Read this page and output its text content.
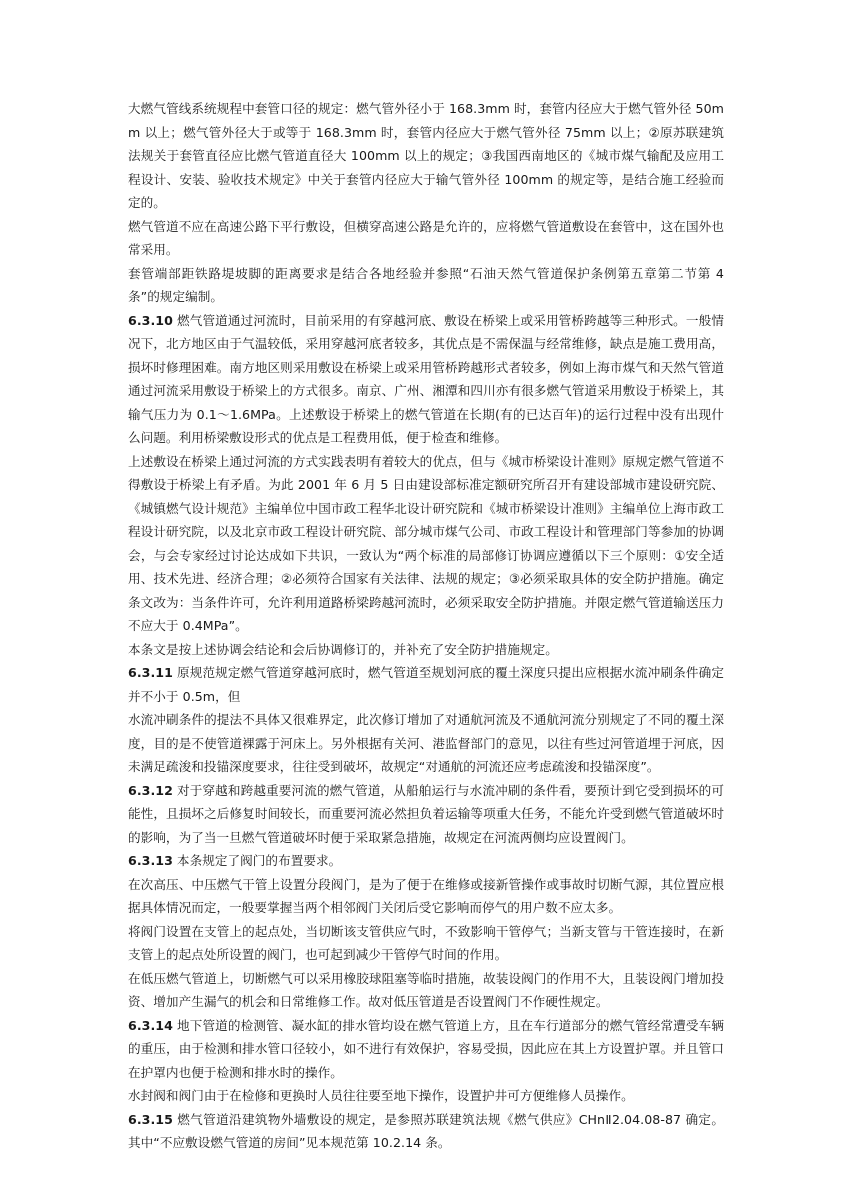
大燃气管线系统规程中套管口径的规定：燃气管外径小于 168.3mm 时，套管内径应大于燃气管外径 50mm 以上；燃气管外径大于或等于 168.3mm 时，套管内径应大于燃气管外径 75mm 以上；②原苏联建筑法规关于套管直径应比燃气管道直径大 100mm 以上的规定；③我国西南地区的《城市煤气输配及应用工程设计、安装、验收技术规定》中关于套管内径应大于输气管外径 100mm 的规定等，是结合施工经验而定的。

燃气管道不应在高速公路下平行敷设，但横穿高速公路是允许的，应将燃气管道敷设在套管中，这在国外也常采用。

套管端部距铁路堤坡脚的距离要求是结合各地经验并参照“石油天然气管道保护条例第五章第二节第 4 条”的规定编制。

6.3.10 燃气管道通过河流时，目前采用的有穿越河底、敷设在桥梁上或采用管桥跨越等三种形式。一般情况下，北方地区由于气温较低，采用穿越河底者较多，其优点是不需保温与经常维修，缺点是施工费用高，损坏时修理困难。南方地区则采用敷设在桥梁上或采用管桥跨越形式者较多，例如上海市煤气和天然气管道通过河流采用敷设于桥梁上的方式很多。南京、广州、湘潭和四川亦有很多燃气管道采用敷设于桥梁上，其输气压力为 0.1～1.6MPa。上述敷设于桥梁上的燃气管道在长期(有的已达百年)的运行过程中没有出现什么问题。利用桥梁敷设形式的优点是工程费用低，便于检查和维修。

上述敷设在桥梁上通过河流的方式实践表明有着较大的优点，但与《城市桥梁设计准则》原规定燃气管道不得敷设于桥梁上有矛盾。为此 2001 年 6 月 5 日由建设部标准定额研究所召开有建设部城市建设研究院、《城镇燃气设计规范》主编单位中国市政工程华北设计研究院和《城市桥梁设计准则》主编单位上海市政工程设计研究院，以及北京市政工程设计研究院、部分城市煤气公司、市政工程设计和管理部门等参加的协调会，与会专家经过讨论达成如下共识，一致认为“两个标准的局部修订协调应遵循以下三个原则：①安全适用、技术先进、经济合理；②必须符合国家有关法律、法规的规定；③必须采取具体的安全防护措施。确定条文改为：当条件许可，允许利用道路桥梁跨越河流时，必须采取安全防护措施。并限定燃气管道输送压力不应大于 0.4MPa”。

本条文是按上述协调会结论和会后协调修订的，并补充了安全防护措施规定。

6.3.11 原规范规定燃气管道穿越河底时，燃气管道至规划河底的覆土深度只提出应根据水流冲刷条件确定并不小于 0.5m，但

水流冲刷条件的提法不具体又很难界定，此次修订增加了对通航河流及不通航河流分别规定了不同的覆土深度，目的是不使管道裸露于河床上。另外根据有关河、港监督部门的意见，以往有些过河管道埋于河底，因未满足疏浚和投锚深度要求，往往受到破坏，故规定“对通航的河流还应考虑疏浚和投锚深度”。

6.3.12 对于穿越和跨越重要河流的燃气管道，从船舶运行与水流冲刷的条件看，要预计到它受到损坏的可能性，且损坏之后修复时间较长，而重要河流必然担负着运输等项重大任务，不能允许受到燃气管道破坏时的影响，为了当一旦燃气管道破坏时便于采取紧急措施，故规定在河流两侧均应设置阀门。

6.3.13 本条规定了阀门的布置要求。

在次高压、中压燃气干管上设置分段阀门，是为了便于在维修或接新管操作或事故时切断气源，其位置应根据具体情况而定，一般要掌握当两个相邻阀门关闭后受它影响而停气的用户数不应太多。

将阀门设置在支管上的起点处，当切断该支管供应气时，不致影响干管停气；当新支管与干管连接时，在新支管上的起点处所设置的阀门，也可起到减少干管停气时间的作用。

在低压燃气管道上，切断燃气可以采用橡胶球阻塞等临时措施，故装设阀门的作用不大，且装设阀门增加投资、增加产生漏气的机会和日常维修工作。故对低压管道是否设置阀门不作硬性规定。

6.3.14 地下管道的检测管、凝水缸的排水管均设在燃气管道上方，且在车行道部分的燃气管经常遭受车辆的重压，由于检测和排水管口径较小，如不进行有效保护，容易受损，因此应在其上方设置护罩。并且管口在护罩内也便于检测和排水时的操作。

水封阀和阀门由于在检修和更换时人员往往要至地下操作，设置护井可方便维修人员操作。

6.3.15 燃气管道沿建筑物外墙敷设的规定，是参照苏联建筑法规《燃气供应》CHnⅡ2.04.08-87 确定。其中“不应敷设燃气管道的房间”见本规范第 10.2.14 条。
